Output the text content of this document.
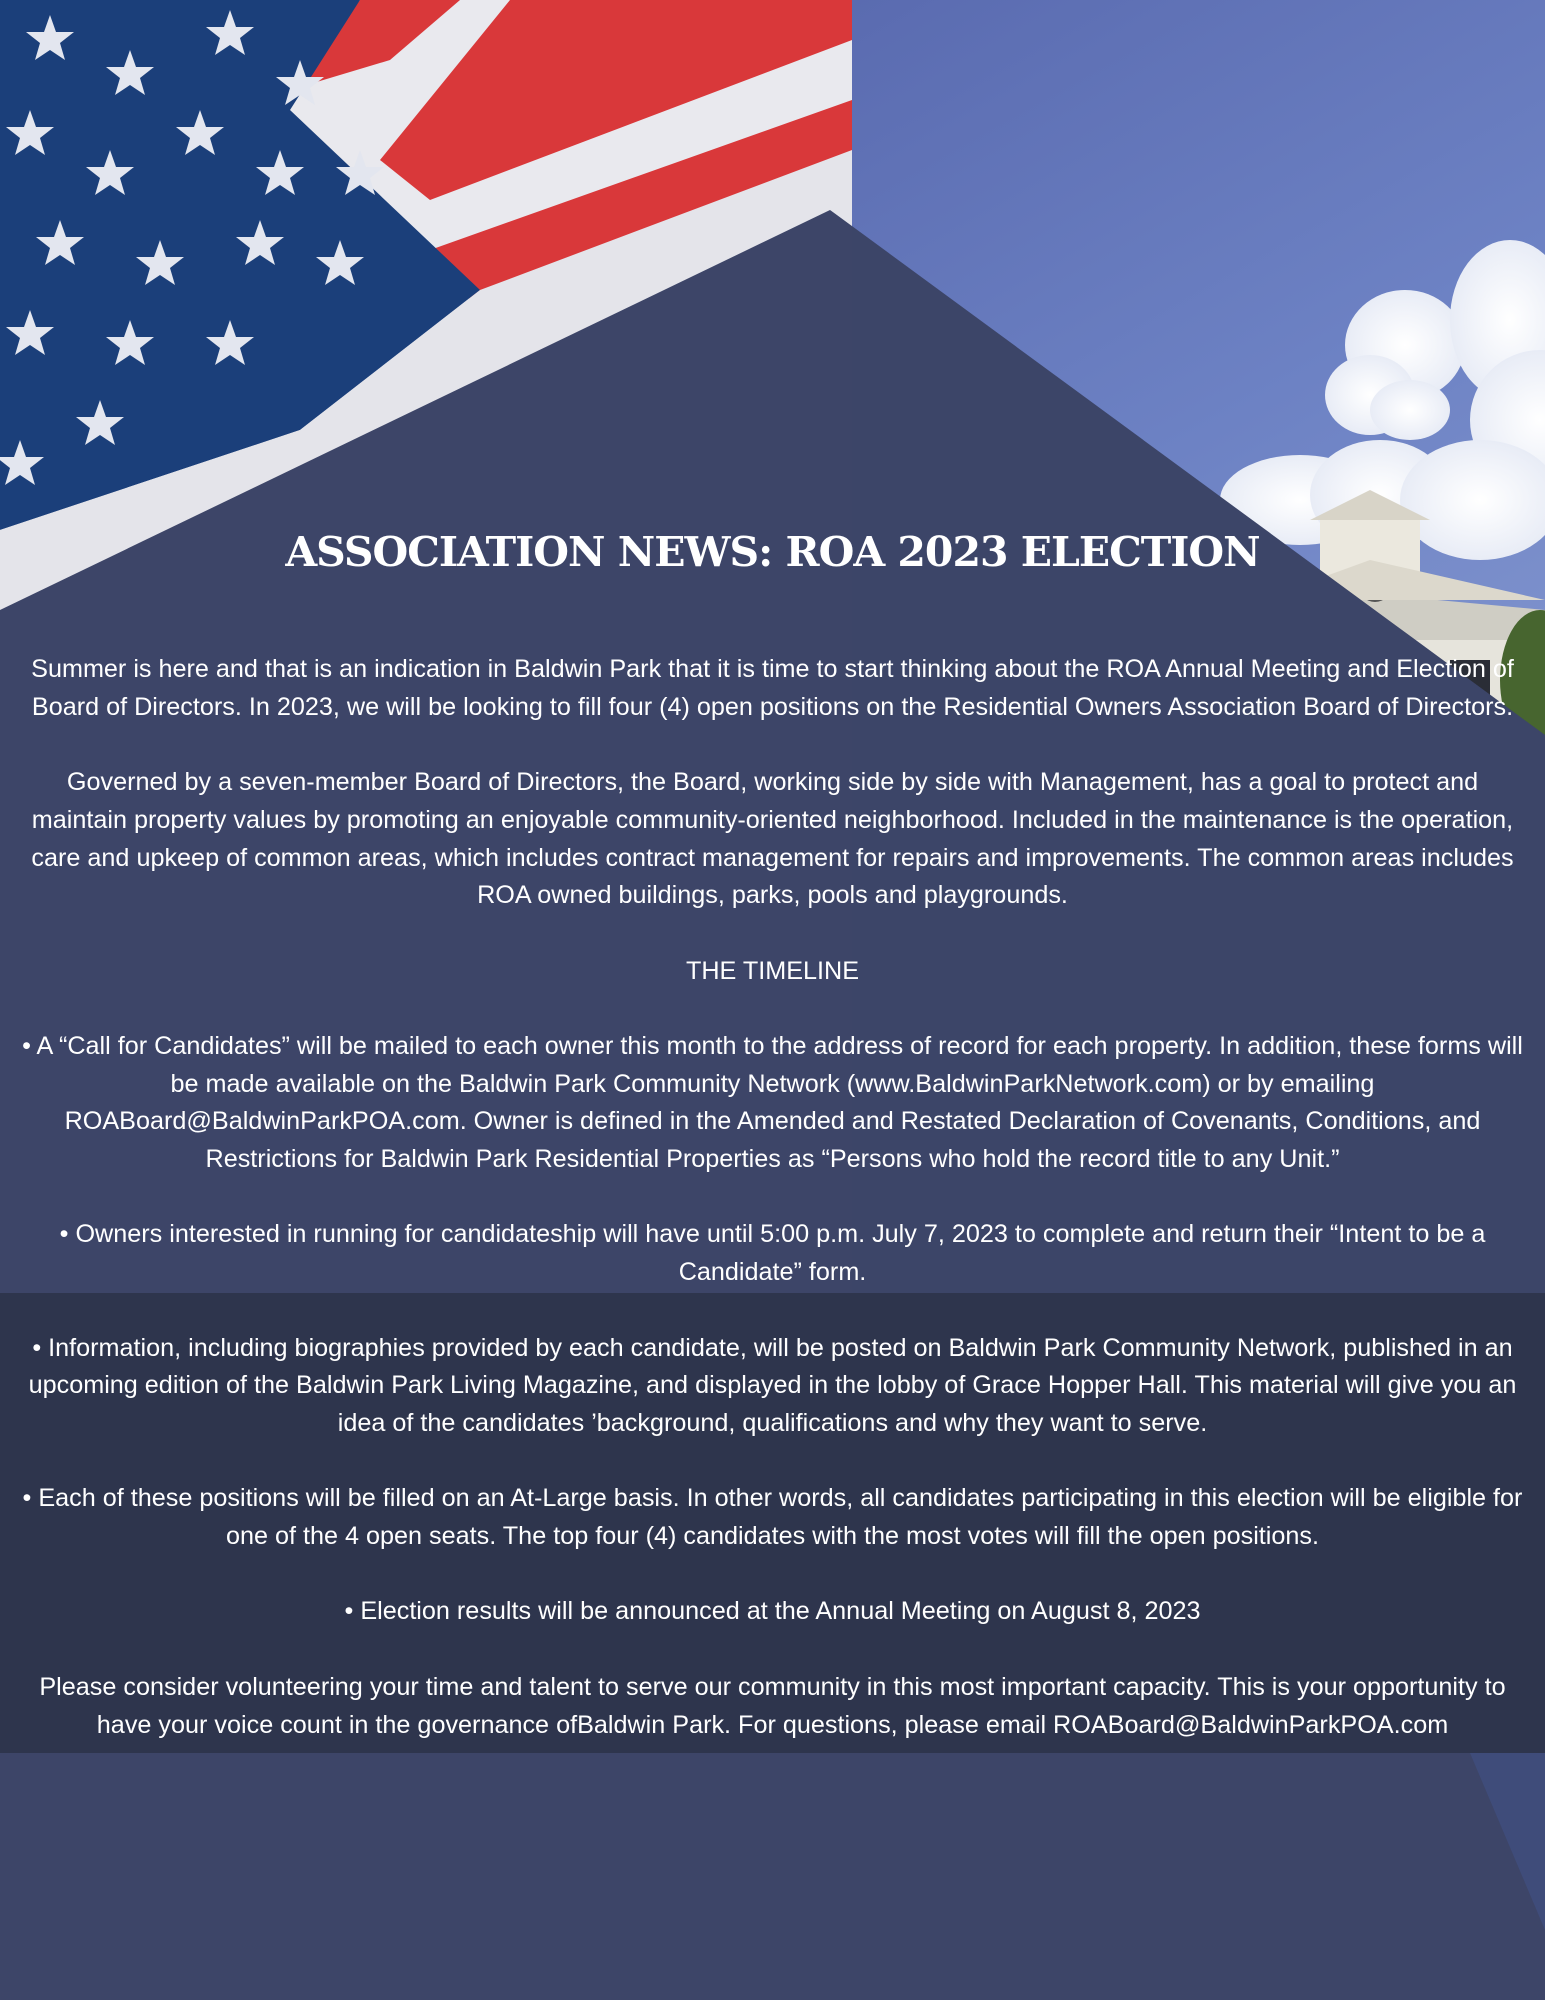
ASSOCIATION NEWS: ROA 2023 ELECTION

Summer is here and that is an indication in Baldwin Park that it is time to start thinking about the ROA Annual Meeting and Election of Board of Directors. In 2023, we will be looking to fill four (4) open positions on the Residential Owners Association Board of Directors.

Governed by a seven-member Board of Directors, the Board, working side by side with Management, has a goal to protect and maintain property values by promoting an enjoyable community-oriented neighborhood. Included in the maintenance is the operation, care and upkeep of common areas, which includes contract management for repairs and improvements. The common areas includes ROA owned buildings, parks, pools and playgrounds.

THE TIMELINE

• A “Call for Candidates” will be mailed to each owner this month to the address of record for each property. In addition, these forms will be made available on the Baldwin Park Community Network (www.BaldwinParkNetwork.com) or by emailing ROABoard@BaldwinParkPOA.com. Owner is defined in the Amended and Restated Declaration of Covenants, Conditions, and Restrictions for Baldwin Park Residential Properties as “Persons who hold the record title to any Unit.”

• Owners interested in running for candidateship will have until 5:00 p.m. July 7, 2023 to complete and return their “Intent to be a Candidate” form.

• Information, including biographies provided by each candidate, will be posted on Baldwin Park Community Network, published in an upcoming edition of the Baldwin Park Living Magazine, and displayed in the lobby of Grace Hopper Hall. This material will give you an idea of the candidates ’background, qualifications and why they want to serve.

• Each of these positions will be filled on an At-Large basis. In other words, all candidates participating in this election will be eligible for one of the 4 open seats. The top four (4) candidates with the most votes will fill the open positions.

• Election results will be announced at the Annual Meeting on August 8, 2023

Please consider volunteering your time and talent to serve our community in this most important capacity. This is your opportunity to have your voice count in the governance ofBaldwin Park. For questions, please email ROABoard@BaldwinParkPOA.com
